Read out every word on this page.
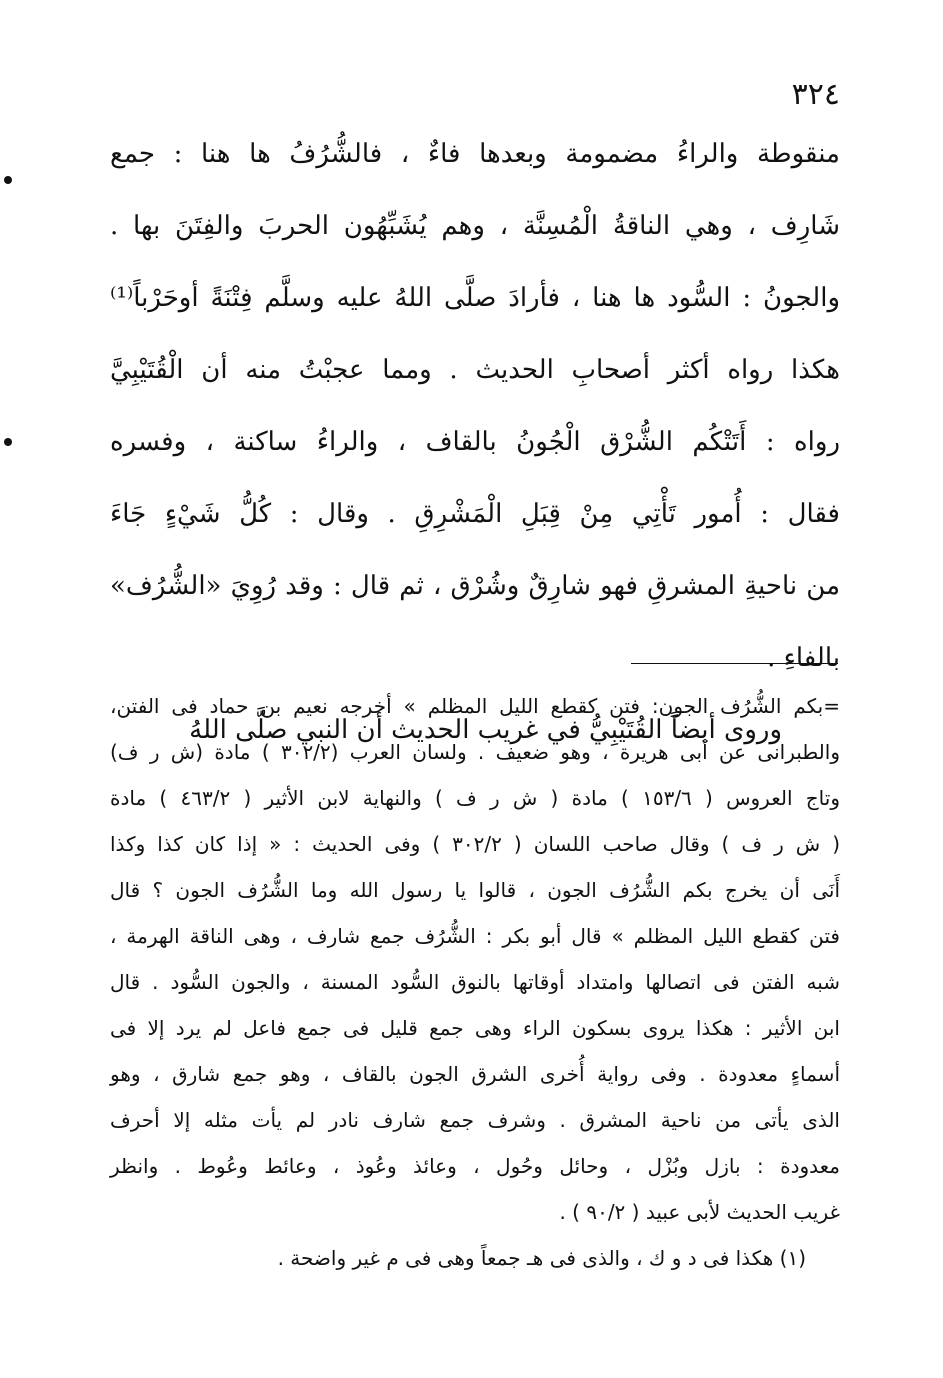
٣٢٤
منقوطة والراءُ مضمومة وبعدها فاءٌ ، فالشُّرُفُ ها هنا : جمع
شَارِف ، وهي الناقةُ الْمُسِنَّة ، وهم يُشَبِّهُون الحربَ والفِتَنَ بها .
والجونُ : السُّود ها هنا ، فأرادَ صلَّى اللهُ عليه وسلَّم فِتْنَةً أوحَرْباً⁽¹⁾
هكذا رواه أكثر أصحابِ الحديث . ومما عجبْتُ منه أن الْقُتَيْبِيَّ
رواه : أَتَتْكُم الشُّرْق الْجُونُ بالقاف ، والراءُ ساكنة ، وفسره
فقال : أُمور تَأْتِي مِنْ قِبَلِ الْمَشْرِقِ . وقال : كُلُّ شَيْءٍ جَاءَ
من ناحيةِ المشرقِ فهو شارِقٌ وشُرْق ، ثم قال : وقد رُوِيَ «الشُّرُف»
بالفاءِ .
وروى أيضاً القُتَيْبِيُّ في غريب الحديث أن النبي صلَّى اللهُ
=بكم الشُّرُف الجون: فتن كقطع الليل المظلم » أخرجه نعيم بن حماد فى الفتن،
والطبرانى عن أبى هريرة ، وهو ضعيف . ولسان العرب (٣٠٢/٢ ) مادة (ش ر ف)
وتاج العروس ( ١٥٣/٦ ) مادة ( ش ر ف ) والنهاية لابن الأثير ( ٤٦٣/٢ ) مادة
( ش ر ف ) وقال صاحب اللسان ( ٣٠٢/٢ ) وفى الحديث : « إذا كان كذا وكذا
أَنَى أن يخرج بكم الشُّرُف الجون ، قالوا يا رسول الله وما الشُّرُف الجون ؟ قال
فتن كقطع الليل المظلم » قال أبو بكر : الشُّرُف جمع شارف ، وهى الناقة الهرمة ،
شبه الفتن فى اتصالها وامتداد أوقاتها بالنوق السُّود المسنة ، والجون السُّود . قال
ابن الأثير : هكذا يروى بسكون الراء وهى جمع قليل فى جمع فاعل لم يرد إلا فى
أسماءٍ معدودة . وفى رواية أُخرى الشرق الجون بالقاف ، وهو جمع شارق ، وهو
الذى يأتى من ناحية المشرق . وشرف جمع شارف نادر لم يأت مثله إلا أحرف
معدودة : بازل وبُزْل ، وحائل وحُول ، وعائذ وعُوذ ، وعائط وعُوط . وانظر
غريب الحديث لأبى عبيد ( ٩٠/٢ ) .
(١) هكذا فى د و ك ، والذى فى هـ جمعاً وهى فى م غير واضحة .
